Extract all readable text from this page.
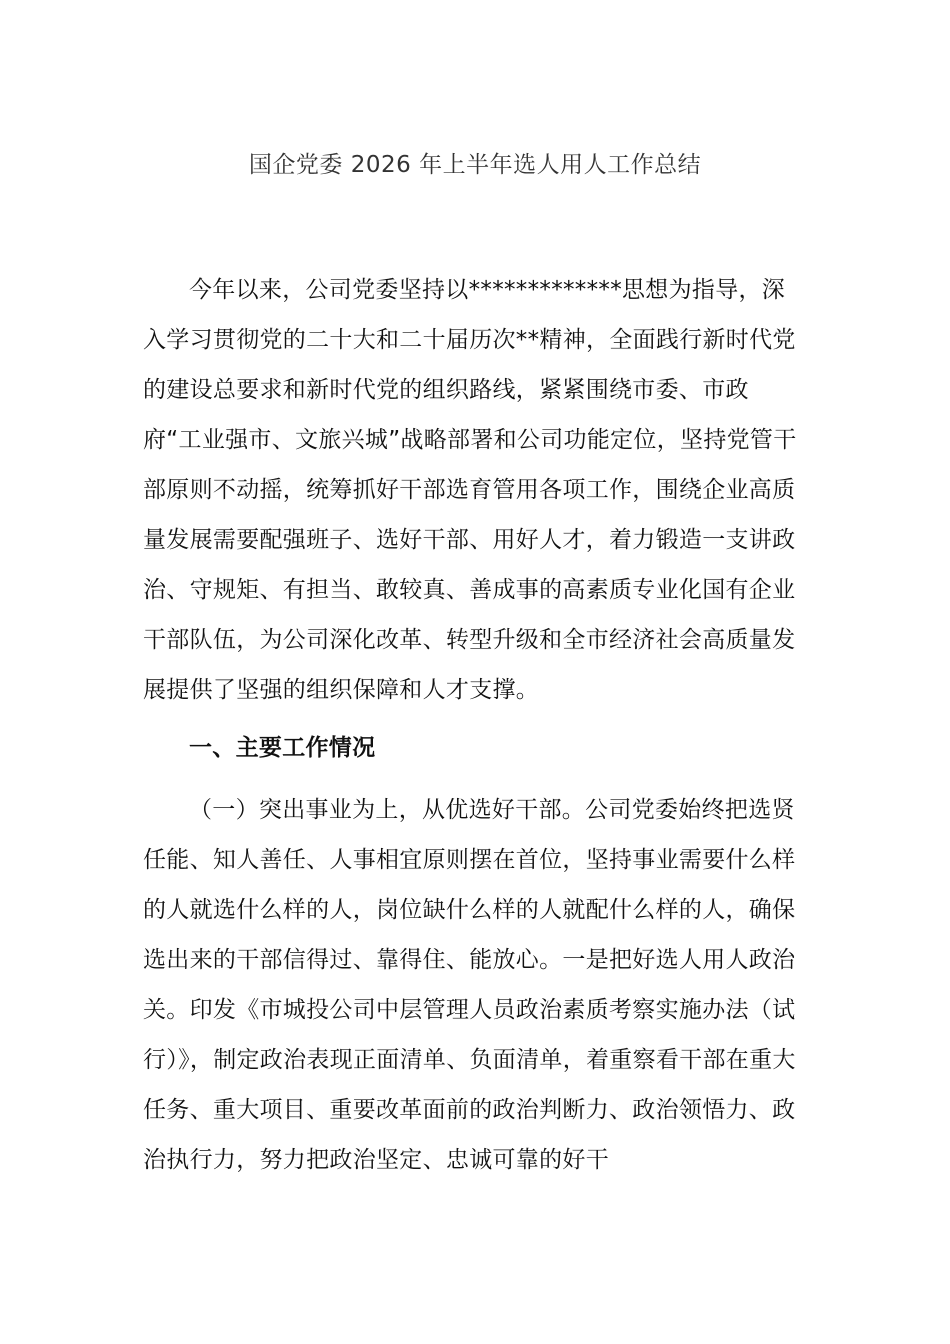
国企党委 2026 年上半年选人用人工作总结

今年以来，公司党委坚持以*************思想为指导，深入学习贯彻党的二十大和二十届历次**精神，全面践行新时代党的建设总要求和新时代党的组织路线，紧紧围绕市委、市政府“工业强市、文旅兴城”战略部署和公司功能定位，坚持党管干部原则不动摇，统筹抓好干部选育管用各项工作，围绕企业高质量发展需要配强班子、选好干部、用好人才，着力锻造一支讲政治、守规矩、有担当、敢较真、善成事的高素质专业化国有企业干部队伍，为公司深化改革、转型升级和全市经济社会高质量发展提供了坚强的组织保障和人才支撑。

一、主要工作情况

（一）突出事业为上，从优选好干部。公司党委始终把选贤任能、知人善任、人事相宜原则摆在首位，坚持事业需要什么样的人就选什么样的人，岗位缺什么样的人就配什么样的人，确保选出来的干部信得过、靠得住、能放心。一是把好选人用人政治关。印发《市城投公司中层管理人员政治素质考察实施办法（试行）》，制定政治表现正面清单、负面清单，着重察看干部在重大任务、重大项目、重要改革面前的政治判断力、政治领悟力、政治执行力，努力把政治坚定、忠诚可靠的好干
